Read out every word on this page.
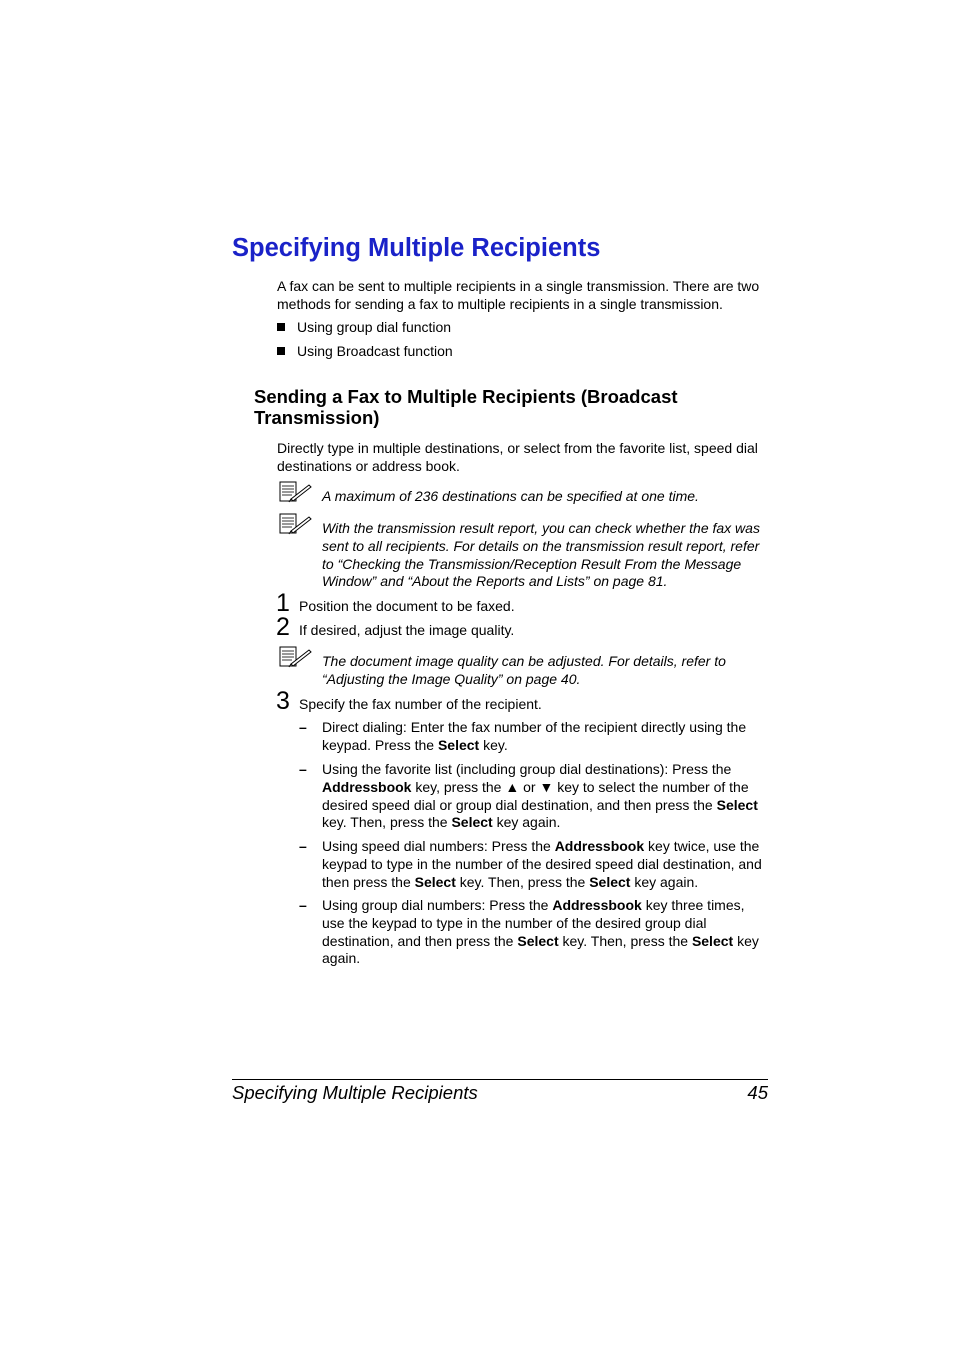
Specifying Multiple Recipients
A fax can be sent to multiple recipients in a single transmission. There are two methods for sending a fax to multiple recipients in a single transmission.
Using group dial function
Using Broadcast function
Sending a Fax to Multiple Recipients (Broadcast Transmission)
Directly type in multiple destinations, or select from the favorite list, speed dial destinations or address book.
A maximum of 236 destinations can be specified at one time.
With the transmission result report, you can check whether the fax was sent to all recipients. For details on the transmission result report, refer to “Checking the Transmission/Reception Result From the Message Window” and “About the Reports and Lists” on page 81.
1 Position the document to be faxed.
2 If desired, adjust the image quality.
The document image quality can be adjusted. For details, refer to “Adjusting the Image Quality” on page 40.
3 Specify the fax number of the recipient.
– Direct dialing: Enter the fax number of the recipient directly using the keypad. Press the Select key.
– Using the favorite list (including group dial destinations): Press the Addressbook key, press the ▲ or ▼ key to select the number of the desired speed dial or group dial destination, and then press the Select key. Then, press the Select key again.
– Using speed dial numbers: Press the Addressbook key twice, use the keypad to type in the number of the desired speed dial destination, and then press the Select key. Then, press the Select key again.
– Using group dial numbers: Press the Addressbook key three times, use the keypad to type in the number of the desired group dial destination, and then press the Select key. Then, press the Select key again.
Specifying Multiple Recipients	45
